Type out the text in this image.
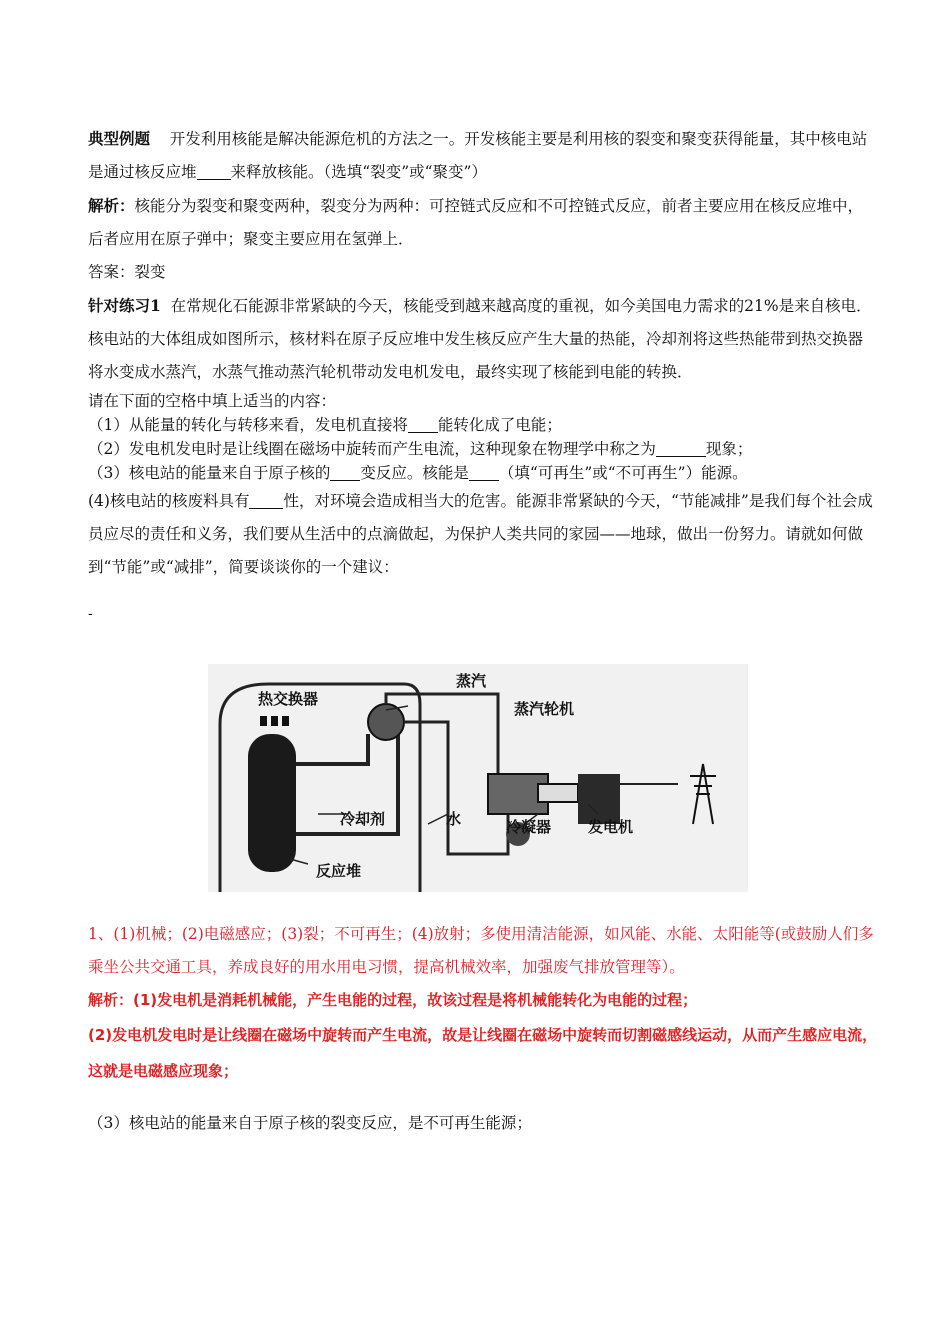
典型例题 开发利用核能是解决能源危机的方法之一。开发核能主要是利用核的裂变和聚变获得能量，其中核电站是通过核反应堆 来释放核能。（选填“裂变”或“聚变”）

解析：核能分为裂变和聚变两种，裂变分为两种：可控链式反应和不可控链式反应，前者主要应用在核反应堆中，后者应用在原子弹中；聚变主要应用在氢弹上．

答案：裂变

针对练习1 在常规化石能源非常紧缺的今天，核能受到越来越高度的重视，如今美国电力需求的21%是来自核电．核电站的大体组成如图所示，核材料在原子反应堆中发生核反应产生大量的热能，冷却剂将这些热能带到热交换器将水变成水蒸汽，水蒸气推动蒸汽轮机带动发电机发电，最终实现了核能到电能的转换．

请在下面的空格中填上适当的内容：

（1）从能量的转化与转移来看，发电机直接将 能转化成了电能；

（2）发电机发电时是让线圈在磁场中旋转而产生电流，这种现象在物理学中称之为	现象；

（3）核电站的能量来自于原子核的 变反应。核能是 （填“可再生”或“不可再生”）能源。

(4)核电站的核废料具有 性，对环境会造成相当大的危害。能源非常紧缺的今天，“节能减排”是我们每个社会成员应尽的责任和义务，我们要从生活中的点滴做起，为保护人类共同的家园——地球，做出一份努力。请就如何做到“节能”或“减排”，简要谈谈你的一个建议：

-

热交换器
蒸汽
蒸汽轮机
冷却剂	水	冷凝器 发电机
反应堆

1、(1)机械；(2)电磁感应；(3)裂；不可再生；(4)放射；多使用清洁能源，如风能、水能、太阳能等(或鼓励人们多乘坐公共交通工具，养成良好的用水用电习惯，提高机械效率，加强废气排放管理等）。

解析：(1)发电机是消耗机械能，产生电能的过程，故该过程是将机械能转化为电能的过程；

(2)发电机发电时是让线圈在磁场中旋转而产生电流，故是让线圈在磁场中旋转而切割磁感线运动，从而产生感应电流，这就是电磁感应现象；

（3）核电站的能量来自于原子核的裂变反应，是不可再生能源；
